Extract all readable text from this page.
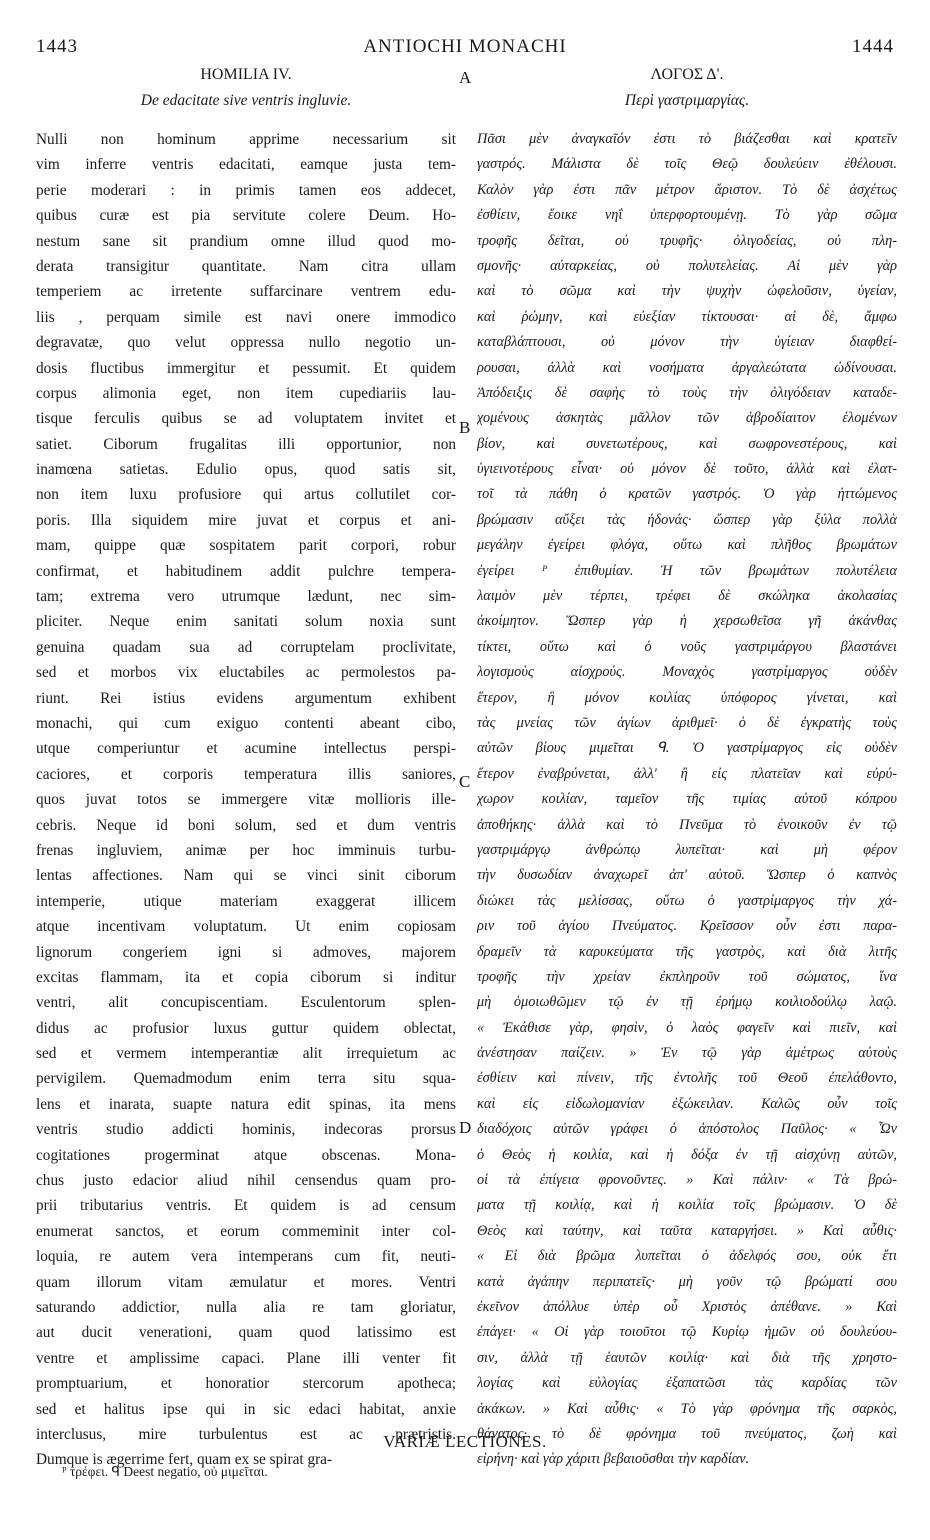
1443	ANTIOCHI MONACHI	1444
HOMILIA IV.
De edacitate sive ventris ingluvie.
A	ΛΟΓΟΣ Δ'.
Περὶ γαστριμαργίας.
Nulli non hominum apprime necessarium sit
vim inferre ventris edacitati, eamque justa tem-
perie moderari : in primis tamen eos addecet,
quibus curæ est pia servitute colere Deum. Ho-
nestum sane sit prandium omne illud quod mo-
derata transigitur quantitate. Nam citra ullam
temperiem ac irretente suffarcinare ventrem edu-
liis , perquam simile est navi onere immodico
degravatæ, quo velut oppressa nullo negotio un-
dosis fluctibus immergitur et pessumit. Et quidem
corpus alimonia eget, non item cupediariis lau-
tisque ferculis quibus se ad voluptatem invitet et
satiet. Ciborum frugalitas illi opportunior, non
inamœna satietas. Edulio opus, quod satis sit,
non item luxu profusiore qui artus collutilet cor-
poris. Illa siquidem mire juvat et corpus et ani-
mam, quippe quæ sospitatem parit corpori, robur
confirmat, et habitudinem addit pulchre tempera-
tam; extrema vero utrumque lædunt, nec sim-
pliciter. Neque enim sanitati solum noxia sunt
genuina quadam sua ad corruptelam proclivitate,
sed et morbos vix eluctabiles ac permolestos pa-
riunt. Rei istius evidens argumentum exhibent
monachi, qui cum exiguo contenti abeant cibo,
utque comperiuntur et acumine intellectus perspi-
caciores, et corporis temperatura illis saniores,
quos juvat totos se immergere vitæ mollioris ille-
cebris. Neque id boni solum, sed et dum ventris
frenas ingluviem, animæ per hoc imminuis turbu-
lentas affectiones. Nam qui se vinci sinit ciborum
intemperie, utique materiam exaggerat illicem
atque incentivam voluptatum. Ut enim copiosam
lignorum congeriem igni si admoves, majorem
excitas flammam, ita et copia ciborum si inditur
ventri, alit concupiscentiam. Esculentorum splen-
didus ac profusior luxus guttur quidem oblectat,
sed et vermem intemperantiæ alit irrequietum ac
pervigilem. Quemadmodum enim terra situ squa-
lens et inarata, suapte natura edit spinas, ita mens
ventris studio addicti hominis, indecoras prorsus
cogitationes progerminat atque obscenas. Mona-
chus justo edacior aliud nihil censendus quam pro-
prii tributarius ventris. Et quidem is ad censum
enumerat sanctos, et eorum commeminit inter col-
loquia, re autem vera intemperans cum fit, neuti-
quam illorum vitam æmulatur et mores. Ventri
saturando addictior, nulla alia re tam gloriatur,
aut ducit venerationi, quam quod latissimo est
ventre et amplissime capaci. Plane illi venter fit
promptuarium, et honoratior stercorum apotheca;
sed et halitus ipse qui in sic edaci habitat, anxie
interclusus, mire turbulentus est ac prætristis.
Dumque is ægerrime fert, quam ex se spirat gra-
Πᾶσι μὲν ἀναγκαῖόν ἐστι τὸ βιάζεσθαι καὶ κρατεῖν
γαστρός. Μάλιστα δὲ τοῖς Θεῷ δουλεύειν ἐθέλουσι.
Καλὸν γὰρ ἐστι πᾶν μέτρον ἄριστον. Τὸ δὲ ἀσχέτως
ἐσθίειν, ἔοικε νηΐ ὑπερφορτουμένῃ. Τὸ γὰρ σῶμα
τροφῆς δεῖται, οὐ τρυφῆς· ὀλιγοδείας, οὐ πλη-
σμονῆς· αὐταρκείας, οὐ πολυτελείας. Αἱ μὲν γὰρ
καὶ τὸ σῶμα καὶ τὴν ψυχὴν ὠφελοῦσιν, ὑγείαν,
καὶ ῥώμην, καὶ εὐεξίαν τίκτουσαι· αἱ δὲ, ἄμφω
καταβλάπτουσι, οὐ μόνον τὴν ὑγίειαν διαφθεί-
ρουσαι, ἀλλὰ καὶ νοσήματα ἀργαλεώτατα ὠδίνουσαι.
Ἀπόδειξις δὲ σαφὴς τὸ τοὺς τὴν ὀλιγόδειαν καταδε-
χομένους ἀσκητὰς μᾶλλον τῶν ἀβροδίαιτον ἑλομένων
βίον, καὶ συνετωτέρους, καὶ σωφρονεστέρους, καὶ
ὑγιεινοτέρους εἶναι· οὐ μόνον δὲ τοῦτο, ἀλλὰ καὶ ἐλατ-
τοῖ τὰ πάθη ὁ κρατῶν γαστρός. Ὁ γὰρ ἡττώμενος
βρώμασιν αὔξει τὰς ἡδονάς· ὥσπερ γὰρ ξύλα πολλὰ
μεγάλην ἐγείρει φλόγα, οὕτω καὶ πλῆθος βρωμάτων
ἐγείρει ᴾ ἐπιθυμίαν. Ἡ τῶν βρωμάτων πολυτέλεια
λαιμὸν μὲν τέρπει, τρέφει δὲ σκώληκα ἀκολασίας
ἀκοίμητον. Ὥσπερ γὰρ ἡ χερσωθεῖσα γῆ ἀκάνθας
τίκτει, οὕτω καὶ ὁ νοῦς γαστριμάργου βλαστάνει
λογισμοὺς αἰσχρούς. Μοναχὸς γαστρίμαργος οὐδὲν
ἕτερον, ἢ μόνον κοιλίας ὑπόφορος γίνεται, καὶ
τὰς μνείας τῶν ἁγίων ἀριθμεῖ· ὁ δὲ ἐγκρατὴς τοὺς
αὐτῶν βίους μιμεῖται ᑫ. Ὁ γαστρίμαργος εἰς οὐδὲν
ἕτερον ἐναβρύνεται, ἀλλ' ἢ εἰς πλατεῖαν καὶ εὐρύ-
χωρον κοιλίαν, ταμεῖον τῆς τιμίας αὐτοῦ κόπρου
ἀποθήκης· ἀλλὰ καὶ τὸ Πνεῦμα τὸ ἐνοικοῦν ἐν τῷ
γαστριμάργῳ ἀνθρώπῳ λυπεῖται· καὶ μὴ φέρον
τὴν δυσωδίαν ἀναχωρεῖ ἀπ' αὐτοῦ. Ὥσπερ ὁ καπνὸς
διώκει τὰς μελίσσας, οὕτω ὁ γαστρίμαργος τὴν χά-
ριν τοῦ ἁγίου Πνεύματος. Κρεῖσσον οὖν ἐστι παρα-
δραμεῖν τὰ καρυκεύματα τῆς γαστρὸς, καὶ διὰ λιτῆς
τροφῆς τὴν χρείαν ἐκπληροῦν τοῦ σώματος, ἵνα
μὴ ὁμοιωθῶμεν τῷ ἐν τῇ ἐρήμῳ κοιλιοδούλῳ λαῷ.
« Ἐκάθισε γὰρ, φησὶν, ὁ λαὸς φαγεῖν καὶ πιεῖν, καὶ
ἀνέστησαν παίζειν. » Ἐν τῷ γὰρ ἀμέτρως αὐτοὺς
ἐσθίειν καὶ πίνειν, τῆς ἐντολῆς τοῦ Θεοῦ ἐπελάθοντο,
καὶ εἰς εἰδωλομανίαν ἐξώκειλαν. Καλῶς οὖν τοῖς
διαδόχοις αὐτῶν γράφει ὁ ἀπόστολος Παῦλος· « Ὧν
ὁ Θεὸς ἡ κοιλία, καὶ ἡ δόξα ἐν τῇ αἰσχύνῃ αὐτῶν,
οἱ τὰ ἐπίγεια φρονοῦντες. » Καὶ πάλιν· « Τὰ βρώ-
ματα τῇ κοιλίᾳ, καὶ ἡ κοιλία τοῖς βρώμασιν. Ὁ δὲ
Θεὸς καὶ ταύτην, καὶ ταῦτα καταργήσει. » Καὶ αὖθις·
« Εἰ διὰ βρῶμα λυπεῖται ὁ ἀδελφός σου, οὐκ ἔτι
κατὰ ἀγάπην περιπατεῖς· μὴ γοῦν τῷ βρώματί σου
ἐκεῖνον ἀπόλλυε ὑπὲρ οὗ Χριστὸς ἀπέθανε. » Καὶ
ἐπάγει· « Οἱ γὰρ τοιοῦτοι τῷ Κυρίῳ ἡμῶν οὐ δουλεύου-
σιν, ἀλλὰ τῇ ἑαυτῶν κοιλίᾳ· καὶ διὰ τῆς χρηστο-
λογίας καὶ εὐλογίας ἐξαπατῶσι τὰς καρδίας τῶν
ἀκάκων. » Καὶ αὖθις· « Τὸ γὰρ φρόνημα τῆς σαρκὸς,
θάνατος· τὸ δὲ φρόνημα τοῦ πνεύματος, ζωὴ καὶ
εἰρήνη· καὶ γὰρ χάριτι βεβαιοῦσθαι τὴν καρδίαν.
B
C
D
VARIÆ LECTIONES.
ᴾ τρέφει. ᑫ Deest negatio, οὐ μιμεῖται.
